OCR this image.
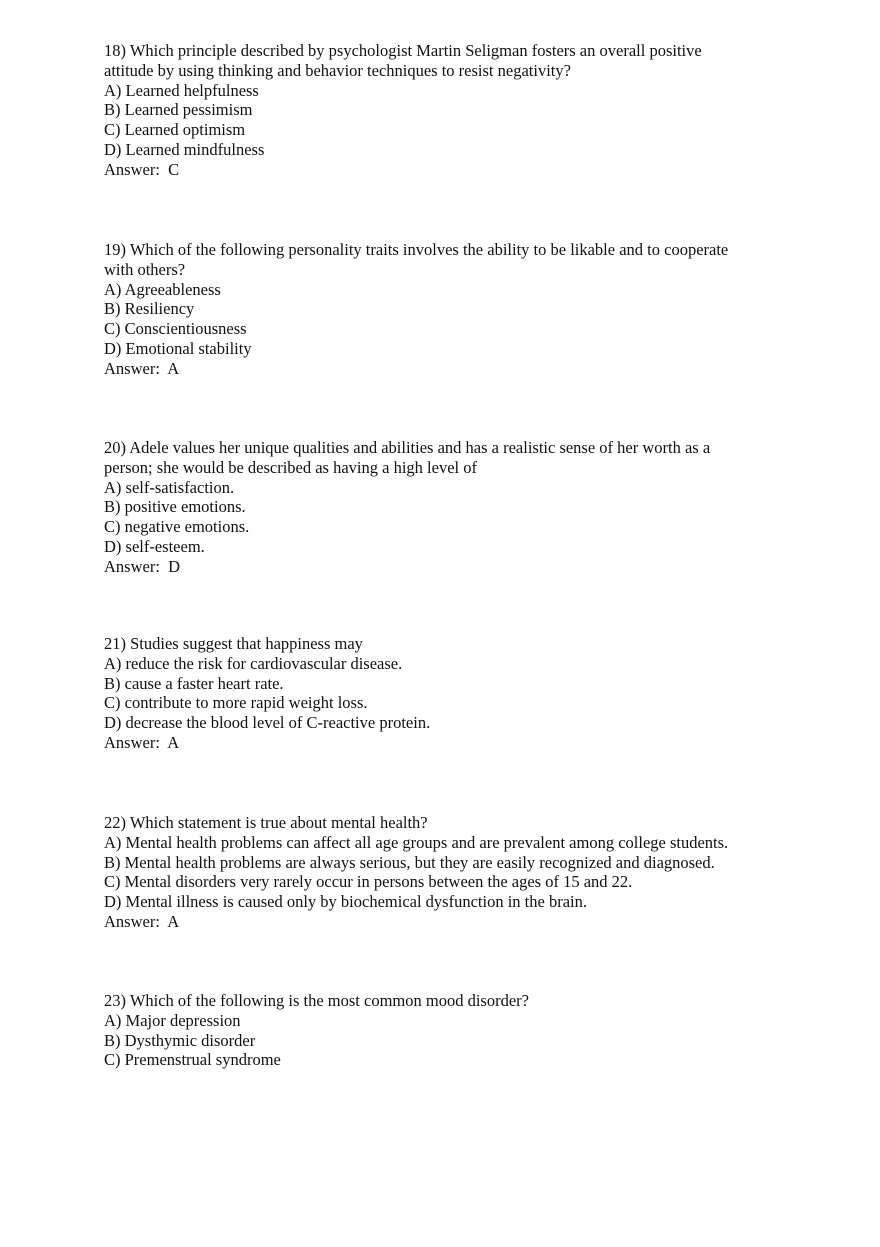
18) Which principle described by psychologist Martin Seligman fosters an overall positive
attitude by using thinking and behavior techniques to resist negativity?
A) Learned helpfulness
B) Learned pessimism
C) Learned optimism
D) Learned mindfulness
Answer:  C
19) Which of the following personality traits involves the ability to be likable and to cooperate
with others?
A) Agreeableness
B) Resiliency
C) Conscientiousness
D) Emotional stability
Answer:  A
20) Adele values her unique qualities and abilities and has a realistic sense of her worth as a
person; she would be described as having a high level of
A) self-satisfaction.
B) positive emotions.
C) negative emotions.
D) self-esteem.
Answer:  D
21) Studies suggest that happiness may
A) reduce the risk for cardiovascular disease.
B) cause a faster heart rate.
C) contribute to more rapid weight loss.
D) decrease the blood level of C-reactive protein.
Answer:  A
22) Which statement is true about mental health?
A) Mental health problems can affect all age groups and are prevalent among college students.
B) Mental health problems are always serious, but they are easily recognized and diagnosed.
C) Mental disorders very rarely occur in persons between the ages of 15 and 22.
D) Mental illness is caused only by biochemical dysfunction in the brain.
Answer:  A
23) Which of the following is the most common mood disorder?
A) Major depression
B) Dysthymic disorder
C) Premenstrual syndrome
